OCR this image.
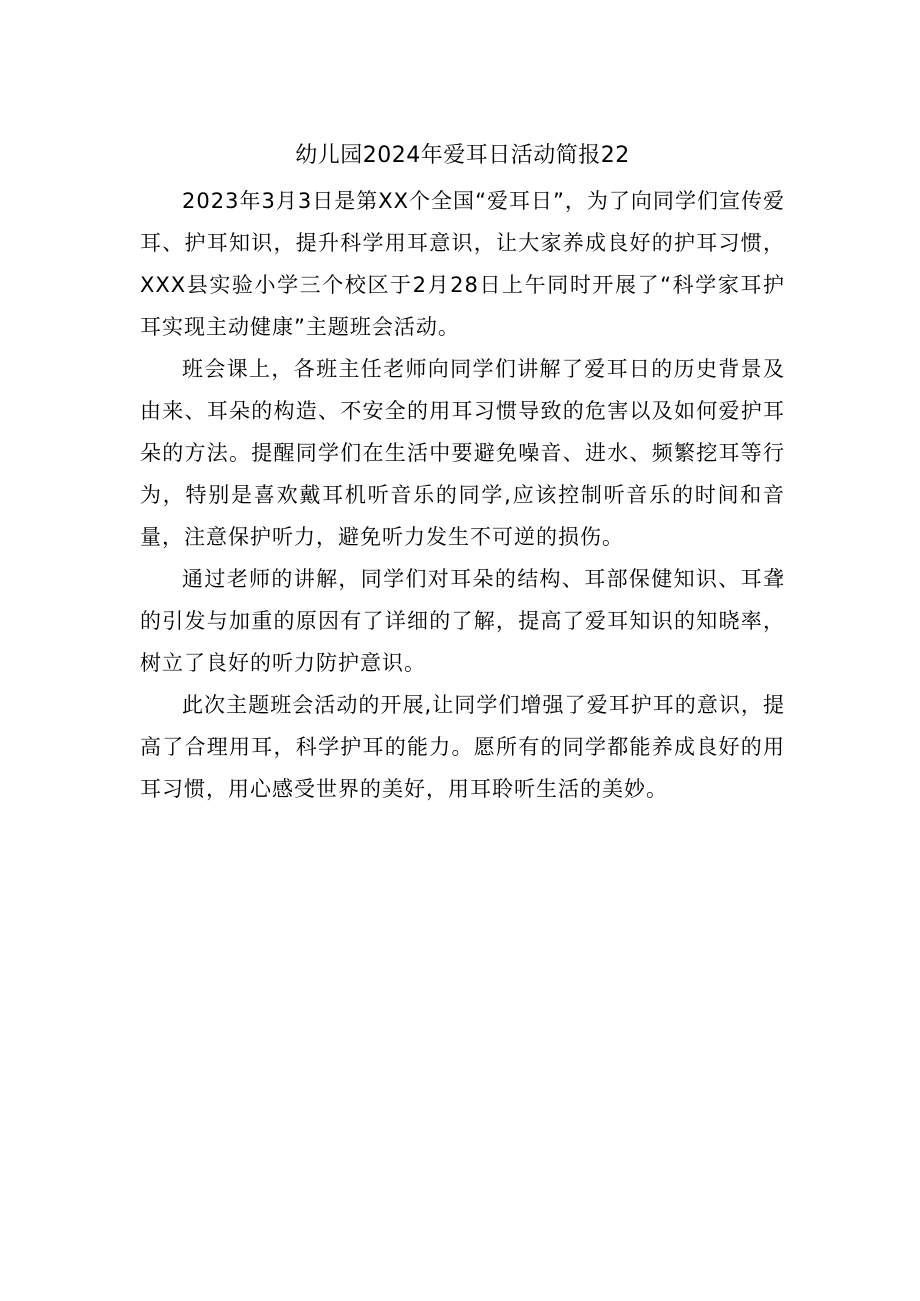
幼儿园2024年爱耳日活动简报22

2023年3月3日是第XX个全国“爱耳日”，为了向同学们宣传爱耳、护耳知识，提升科学用耳意识，让大家养成良好的护耳习惯，XXX县实验小学三个校区于2月28日上午同时开展了“科学家耳护耳实现主动健康”主题班会活动。

班会课上，各班主任老师向同学们讲解了爱耳日的历史背景及由来、耳朵的构造、不安全的用耳习惯导致的危害以及如何爱护耳朵的方法。提醒同学们在生活中要避免噪音、进水、频繁挖耳等行为，特别是喜欢戴耳机听音乐的同学,应该控制听音乐的时间和音量，注意保护听力，避免听力发生不可逆的损伤。

通过老师的讲解，同学们对耳朵的结构、耳部保健知识、耳聋的引发与加重的原因有了详细的了解，提高了爱耳知识的知晓率，树立了良好的听力防护意识。

此次主题班会活动的开展,让同学们增强了爱耳护耳的意识，提高了合理用耳，科学护耳的能力。愿所有的同学都能养成良好的用耳习惯，用心感受世界的美好，用耳聆听生活的美妙。
